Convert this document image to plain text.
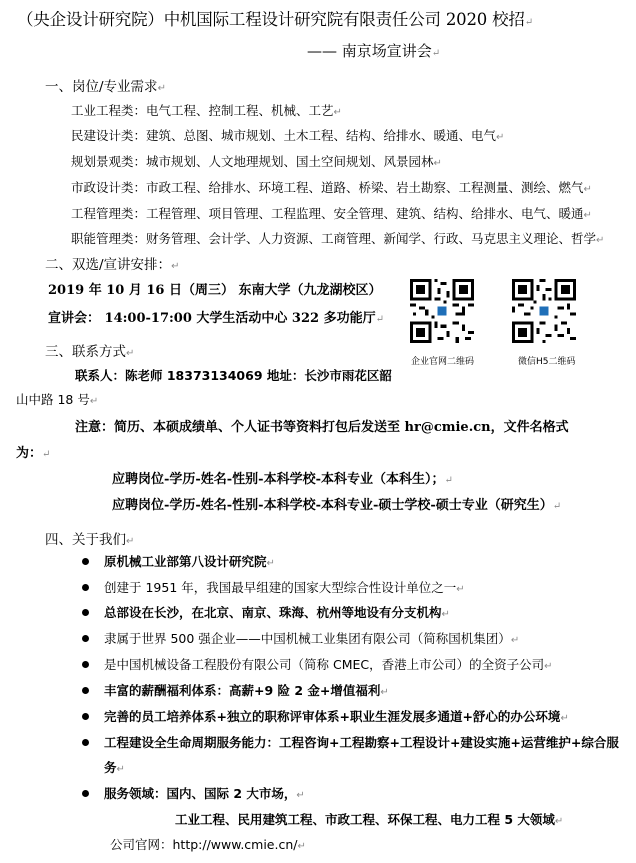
（央企设计研究院）中机国际工程设计研究院有限责任公司 2020 校招↵
—— 南京场宣讲会↵
一、岗位/专业需求↵
工业工程类：电气工程、控制工程、机械、工艺↵
民建设计类：建筑、总图、城市规划、土木工程、结构、给排水、暖通、电气↵
规划景观类：城市规划、人文地理规划、国土空间规划、风景园林↵
市政设计类：市政工程、给排水、环境工程、道路、桥梁、岩土勘察、工程测量、测绘、燃气↵
工程管理类：工程管理、项目管理、工程监理、安全管理、建筑、结构、给排水、电气、暖通↵
职能管理类：财务管理、会计学、人力资源、工商管理、新闻学、行政、马克思主义理论、哲学↵
二、双选/宣讲安排：↵
2019 年 10 月 16 日（周三） 东南大学（九龙湖校区）
宣讲会： 14:00-17:00 大学生活动中心 322 多功能厅↵
企业官网二维码	微信H5二维码
三、联系方式↵
联系人：陈老师 18373134069 地址：长沙市雨花区韶
山中路 18 号↵
注意：简历、本硕成绩单、个人证书等资料打包后发送至 hr@cmie.cn，文件名格式
为：↵
应聘岗位-学历-姓名-性别-本科学校-本科专业（本科生）；↵
应聘岗位-学历-姓名-性别-本科学校-本科专业-硕士学校-硕士专业（研究生）↵
四、关于我们↵
原机械工业部第八设计研究院↵
创建于 1951 年，我国最早组建的国家大型综合性设计单位之一↵
总部设在长沙，在北京、南京、珠海、杭州等地设有分支机构↵
隶属于世界 500 强企业——中国机械工业集团有限公司（简称国机集团）↵
是中国机械设备工程股份有限公司（简称 CMEC，香港上市公司）的全资子公司↵
丰富的薪酬福利体系：高薪+9 险 2 金+增值福利↵
完善的员工培养体系+独立的职称评审体系+职业生涯发展多通道+舒心的办公环境↵
工程建设全生命周期服务能力：工程咨询+工程勘察+工程设计+建设实施+运营维护+综合服
务↵
服务领域：国内、国际 2 大市场，↵
工业工程、民用建筑工程、市政工程、环保工程、电力工程 5 大领域↵
公司官网：http://www.cmie.cn/↵
